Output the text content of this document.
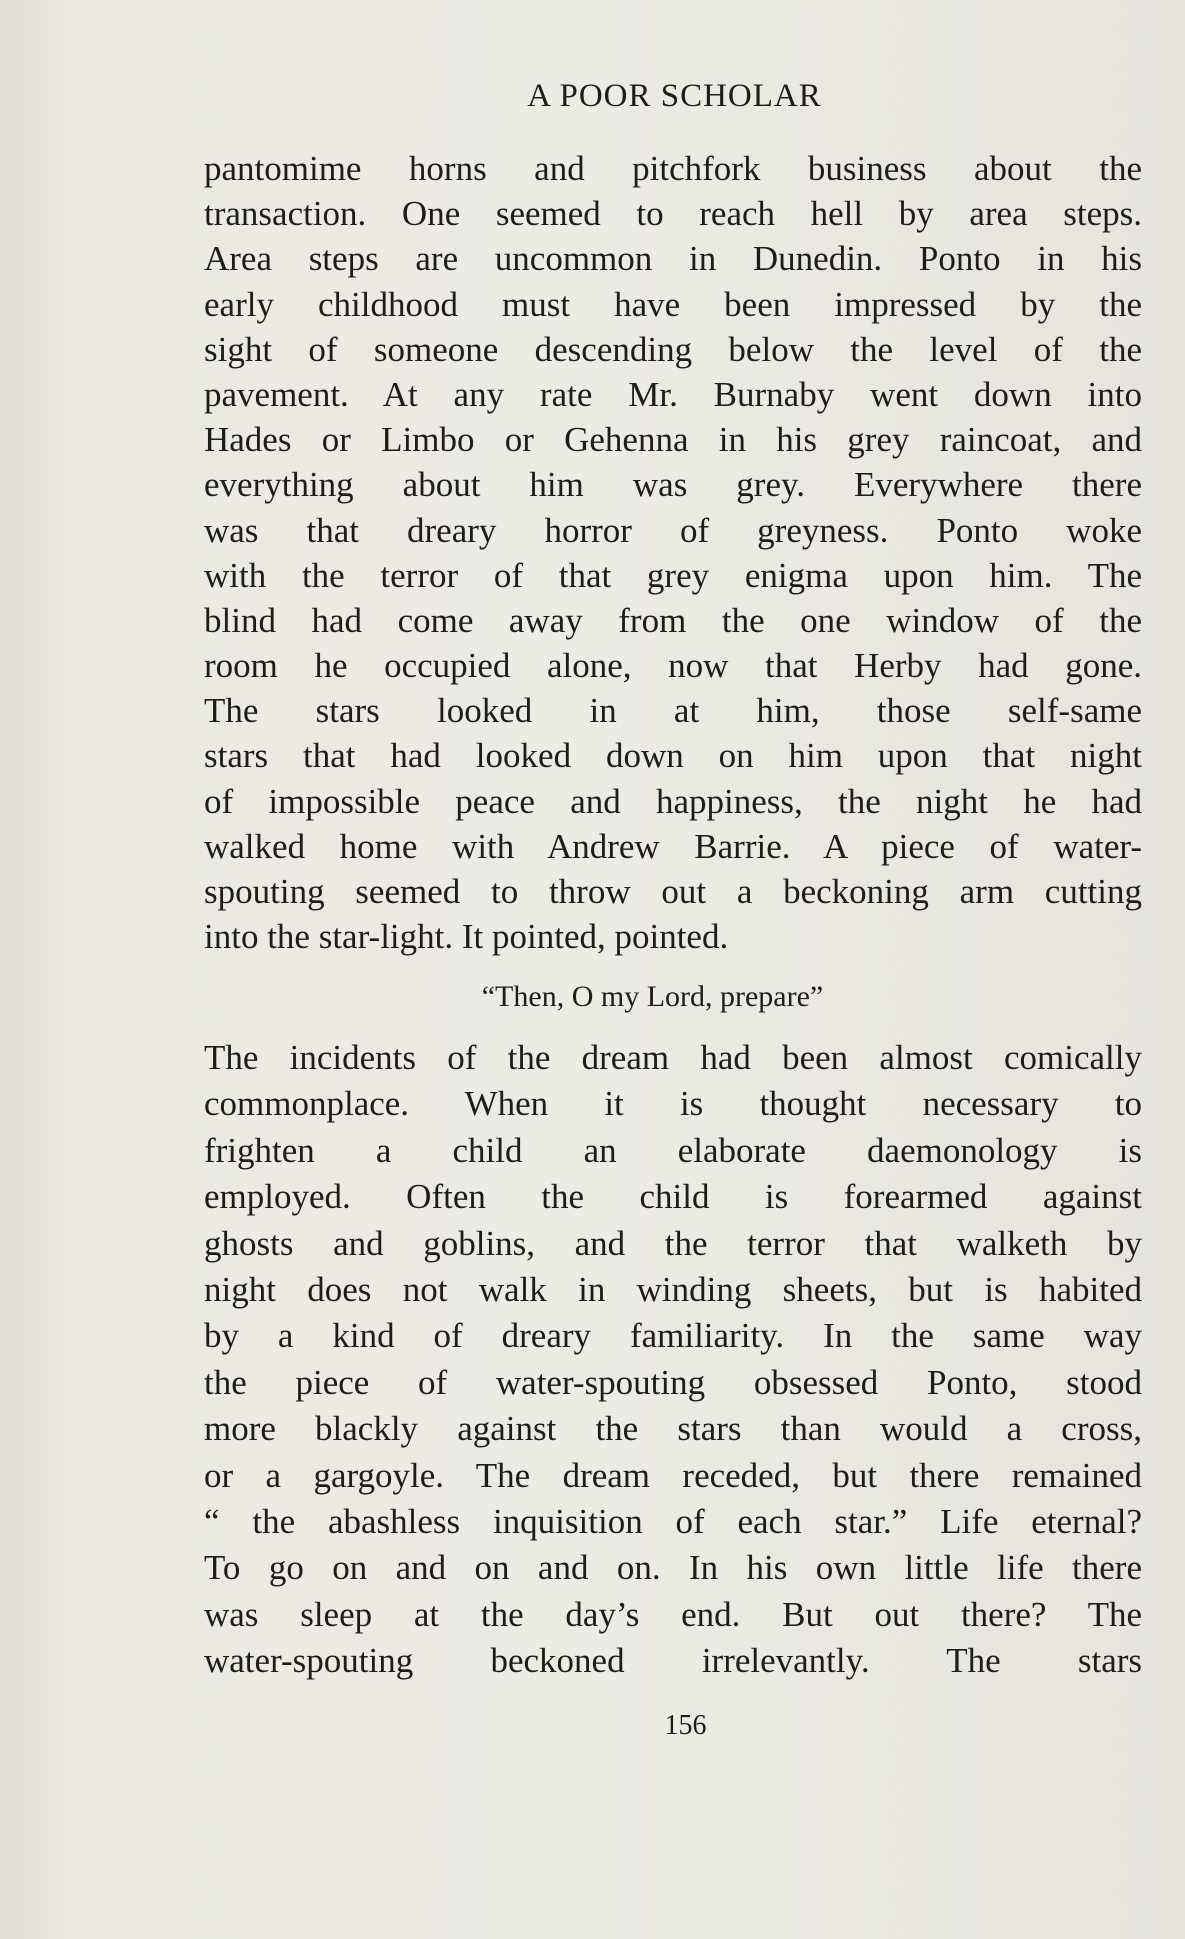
A POOR SCHOLAR
pantomime horns and pitchfork business about the
transaction. One seemed to reach hell by area steps.
Area steps are uncommon in Dunedin. Ponto in his
early childhood must have been impressed by the
sight of someone descending below the level of the
pavement. At any rate Mr. Burnaby went down into
Hades or Limbo or Gehenna in his grey raincoat, and
everything about him was grey. Everywhere there
was that dreary horror of greyness. Ponto woke
with the terror of that grey enigma upon him. The
blind had come away from the one window of the
room he occupied alone, now that Herby had gone.
The stars looked in at him, those self-same
stars that had looked down on him upon that night
of impossible peace and happiness, the night he had
walked home with Andrew Barrie. A piece of water-
spouting seemed to throw out a beckoning arm cutting
into the star-light. It pointed, pointed.
“Then, O my Lord, prepare”
The incidents of the dream had been almost comically
commonplace. When it is thought necessary to
frighten a child an elaborate daemonology is
employed. Often the child is forearmed against
ghosts and goblins, and the terror that walketh by
night does not walk in winding sheets, but is habited
by a kind of dreary familiarity. In the same way
the piece of water-spouting obsessed Ponto, stood
more blackly against the stars than would a cross,
or a gargoyle. The dream receded, but there remained
“ the abashless inquisition of each star.” Life eternal?
To go on and on and on. In his own little life there
was sleep at the day’s end. But out there? The
water-spouting beckoned irrelevantly. The stars
156
